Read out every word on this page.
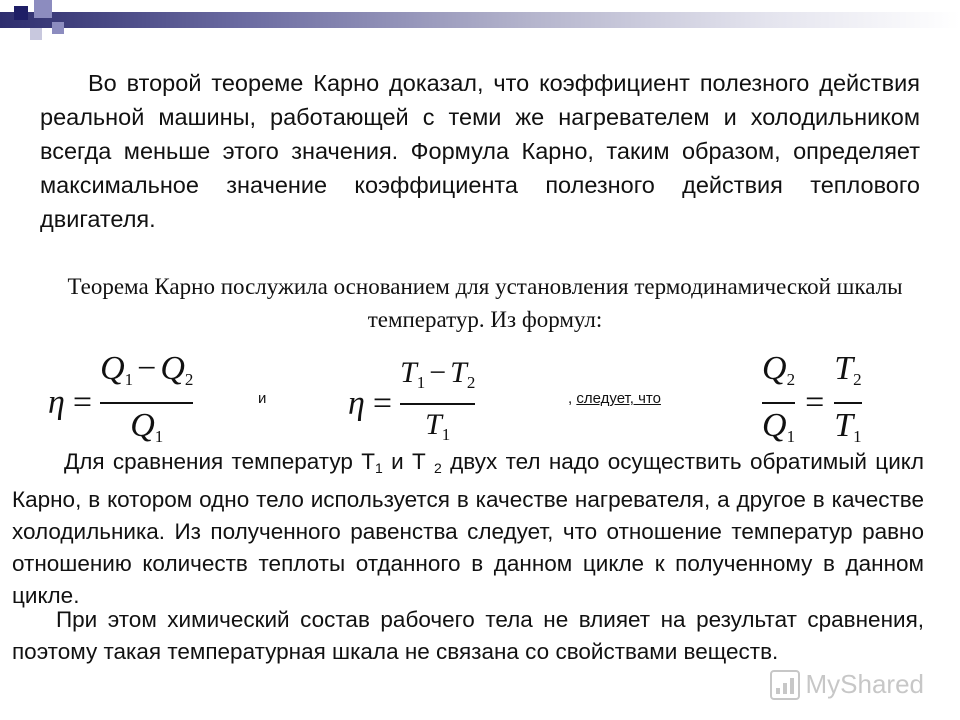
Во второй теореме Карно доказал, что коэффициент полезного действия реальной машины, работающей с теми же нагревателем и холодильником всегда меньше этого значения. Формула Карно, таким образом, определяет максимальное значение коэффициента полезного действия теплового двигателя.

Теорема Карно послужила основанием для установления термодинамической шкалы температур. Из формул:

$\eta = \frac{Q_1 - Q_2}{Q_1}$	и $\eta = \frac{T_1 - T_2}{T_1}$	, следует, что	$\frac{Q_2}{Q_1} = \frac{T_2}{T_1}$

Для сравнения температур $Т_1$ и Т $_2$ двух тел надо осуществить обратимый цикл Карно, в котором одно тело используется в качестве нагревателя, а другое в качестве холодильника. Из полученного равенства следует, что отношение температур равно отношению количеств теплоты отданного в данном цикле к полученному в данном цикле.

При этом химический состав рабочего тела не влияет на результат сравнения, поэтому такая температурная шкала не связана со свойствами веществ.

MyShared
